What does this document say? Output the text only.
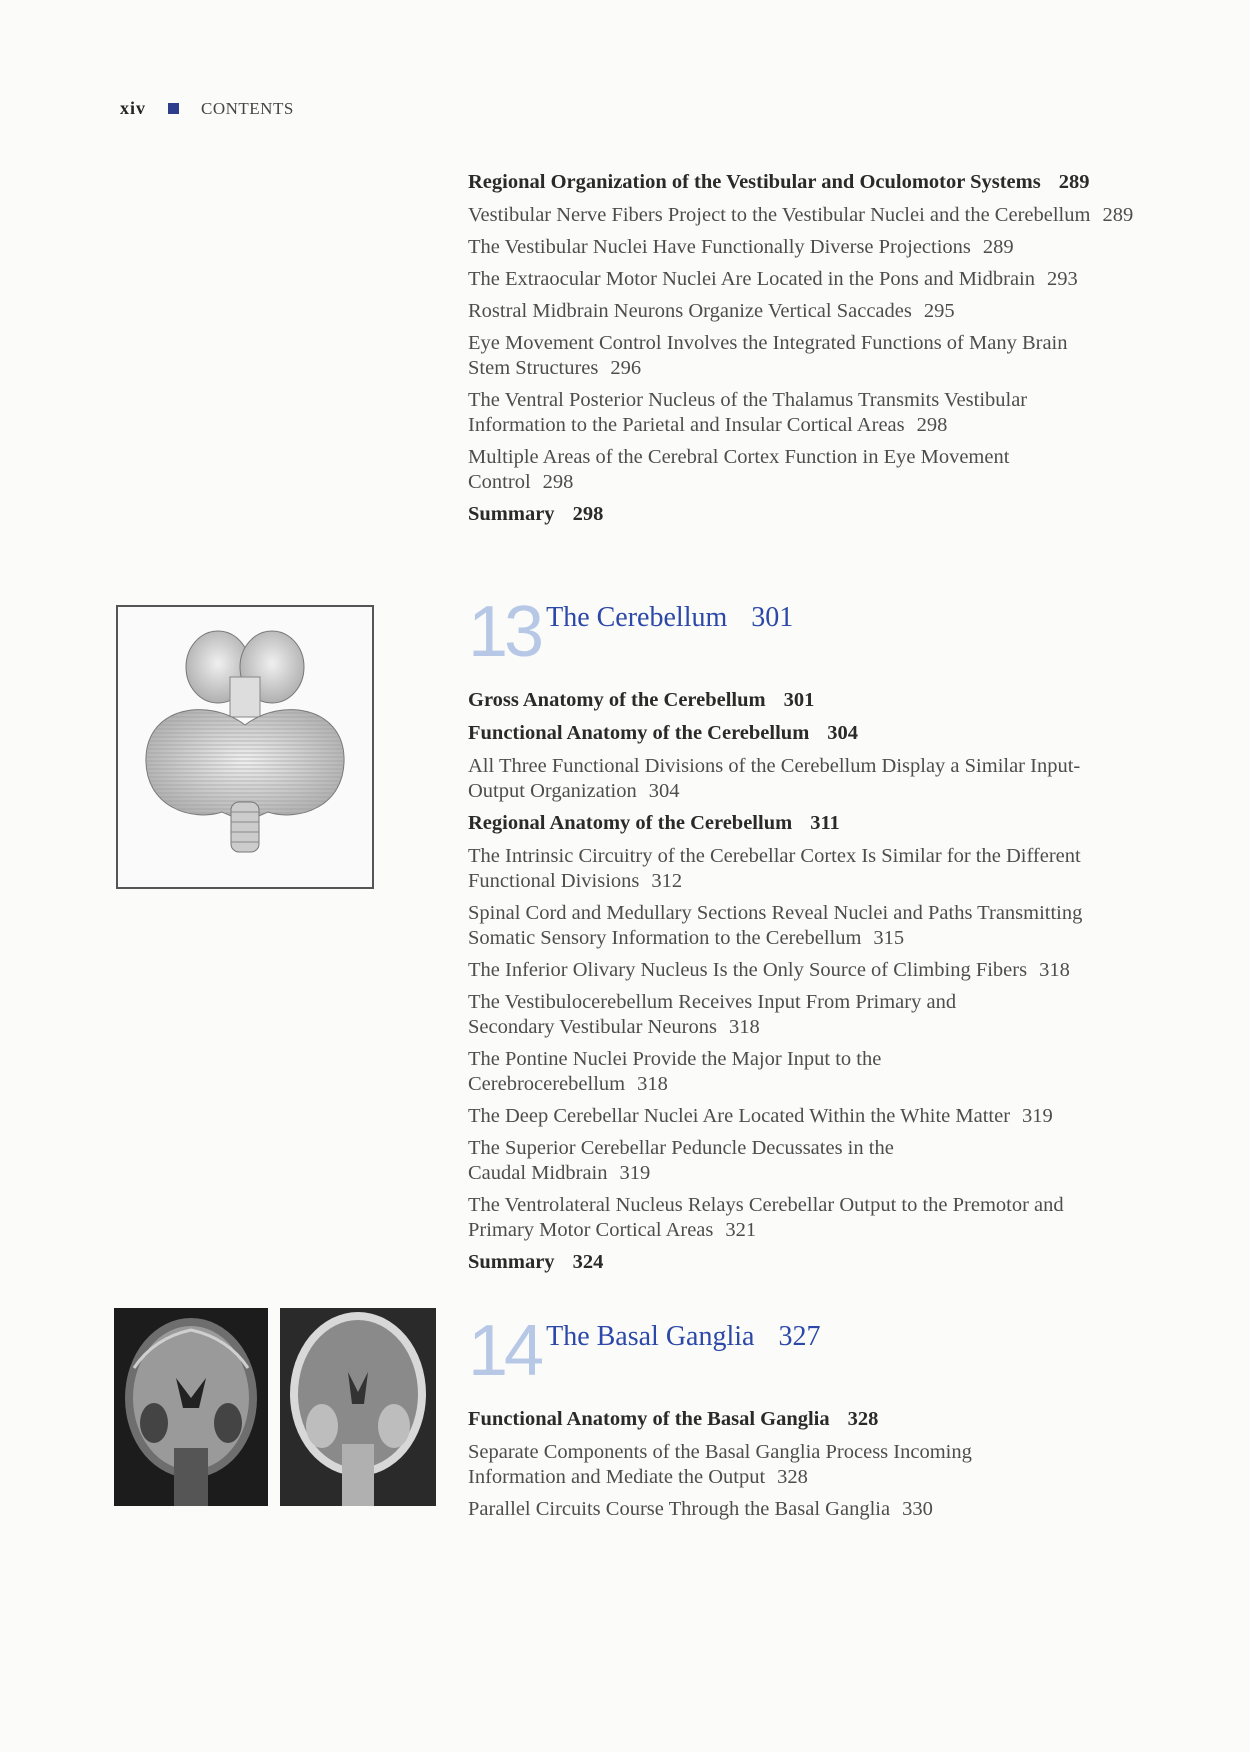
xiv	CONTENTS
Regional Organization of the Vestibular and Oculomotor Systems 289
Vestibular Nerve Fibers Project to the Vestibular Nuclei and the Cerebellum 289
The Vestibular Nuclei Have Functionally Diverse Projections 289
The Extraocular Motor Nuclei Are Located in the Pons and Midbrain 293
Rostral Midbrain Neurons Organize Vertical Saccades 295
Eye Movement Control Involves the Integrated Functions of Many Brain Stem Structures 296
The Ventral Posterior Nucleus of the Thalamus Transmits Vestibular Information to the Parietal and Insular Cortical Areas 298
Multiple Areas of the Cerebral Cortex Function in Eye Movement Control 298
Summary 298
13 The Cerebellum 301
Gross Anatomy of the Cerebellum 301
Functional Anatomy of the Cerebellum 304
All Three Functional Divisions of the Cerebellum Display a Similar Input-Output Organization 304
Regional Anatomy of the Cerebellum 311
The Intrinsic Circuitry of the Cerebellar Cortex Is Similar for the Different Functional Divisions 312
Spinal Cord and Medullary Sections Reveal Nuclei and Paths Transmitting Somatic Sensory Information to the Cerebellum 315
The Inferior Olivary Nucleus Is the Only Source of Climbing Fibers 318
The Vestibulocerebellum Receives Input From Primary and Secondary Vestibular Neurons 318
The Pontine Nuclei Provide the Major Input to the Cerebrocerebellum 318
The Deep Cerebellar Nuclei Are Located Within the White Matter 319
The Superior Cerebellar Peduncle Decussates in the Caudal Midbrain 319
The Ventrolateral Nucleus Relays Cerebellar Output to the Premotor and Primary Motor Cortical Areas 321
Summary 324
14 The Basal Ganglia 327
Functional Anatomy of the Basal Ganglia 328
Separate Components of the Basal Ganglia Process Incoming Information and Mediate the Output 328
Parallel Circuits Course Through the Basal Ganglia 330
